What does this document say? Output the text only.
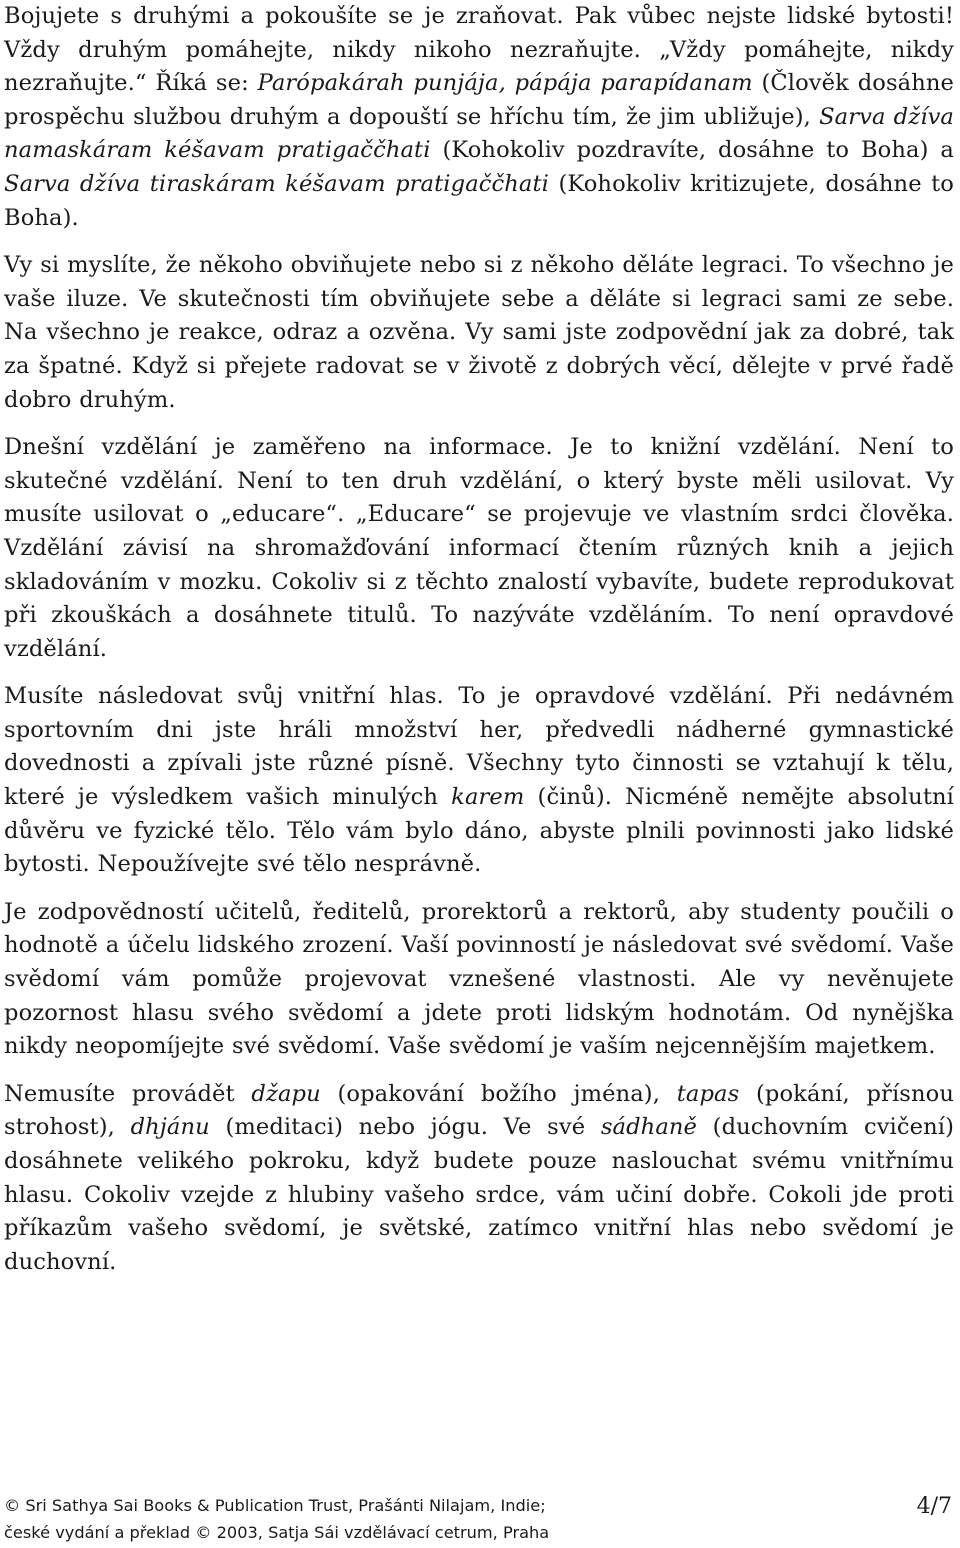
Bojujete s druhými a pokoušíte se je zraňovat. Pak vůbec nejste lidské bytosti! Vždy druhým pomáhejte, nikdy nikoho nezraňujte. „Vždy pomáhejte, nikdy nezraňujte.“ Říká se: Parópakárah punjája, pápája parapídanam (Člověk dosáhne prospěchu službou druhým a dopouští se hříchu tím, že jim ubližuje), Sarva džíva namaskáram kéšavam pratigaččhati (Kohokoliv pozdravíte, dosáhne to Boha) a Sarva džíva tiraskáram kéšavam pratigaččhati (Kohokoliv kritizujete, dosáhne to Boha).

Vy si myslíte, že někoho obviňujete nebo si z někoho děláte legraci. To všechno je vaše iluze. Ve skutečnosti tím obviňujete sebe a děláte si legraci sami ze sebe. Na všechno je reakce, odraz a ozvěna. Vy sami jste zodpovědní jak za dobré, tak za špatné. Když si přejete radovat se v životě z dobrých věcí, dělejte v prvé řadě dobro druhým.

Dnešní vzdělání je zaměřeno na informace. Je to knižní vzdělání. Není to skutečné vzdělání. Není to ten druh vzdělání, o který byste měli usilovat. Vy musíte usilovat o „educare“. „Educare“ se projevuje ve vlastním srdci člověka. Vzdělání závisí na shromažďování informací čtením různých knih a jejich skladováním v mozku. Cokoliv si z těchto znalostí vybavíte, budete reprodukovat při zkouškách a dosáhnete titulů. To nazýváte vzděláním. To není opravdové vzdělání.

Musíte následovat svůj vnitřní hlas. To je opravdové vzdělání. Při nedávném sportovním dni jste hráli množství her, předvedli nádherné gymnastické dovednosti a zpívali jste různé písně. Všechny tyto činnosti se vztahují k tělu, které je výsledkem vašich minulých karem (činů). Nicméně nemějte absolutní důvěru ve fyzické tělo. Tělo vám bylo dáno, abyste plnili povinnosti jako lidské bytosti. Nepoužívejte své tělo nesprávně.

Je zodpovědností učitelů, ředitelů, prorektorů a rektorů, aby studenty poučili o hodnotě a účelu lidského zrození. Vaší povinností je následovat své svědomí. Vaše svědomí vám pomůže projevovat vznešené vlastnosti. Ale vy nevěnujete pozornost hlasu svého svědomí a jdete proti lidským hodnotám. Od nynějška nikdy neopomíjejte své svědomí. Vaše svědomí je vaším nejcennějším majetkem.

Nemusíte provádět džapu (opakování božího jména), tapas (pokání, přísnou strohost), dhjánu (meditaci) nebo jógu. Ve své sádhaně (duchovním cvičení) dosáhnete velikého pokroku, když budete pouze naslouchat svému vnitřnímu hlasu. Cokoliv vzejde z hlubiny vašeho srdce, vám učiní dobře. Cokoli jde proti příkazům vašeho svědomí, je světské, zatímco vnitřní hlas nebo svědomí je duchovní.

© Sri Sathya Sai Books & Publication Trust, Prašánti Nilajam, Indie;
české vydání a překlad © 2003, Satja Sái vzdělávací cetrum, Praha
4/7
